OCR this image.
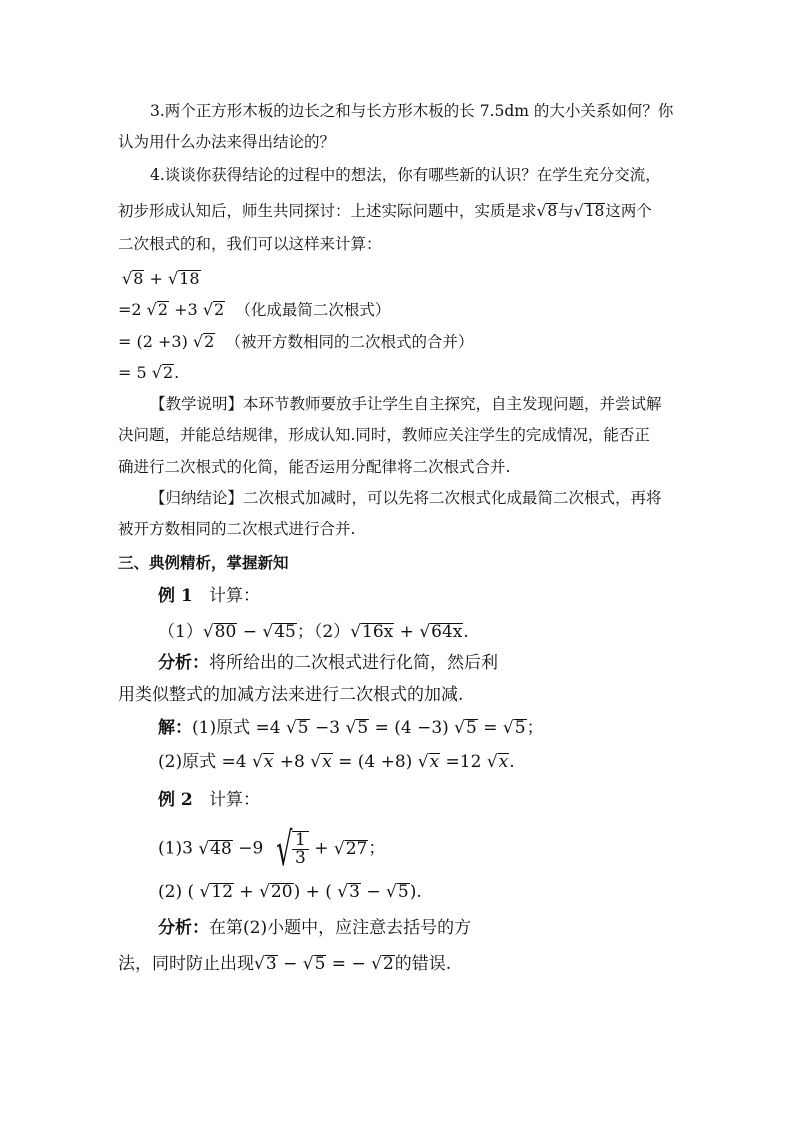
3.两个正方形木板的边长之和与长方形木板的长 7.5dm 的大小关系如何？你
认为用什么办法来得出结论的？
4.谈谈你获得结论的过程中的想法，你有哪些新的认识？在学生充分交流，
初步形成认知后，师生共同探讨：上述实际问题中，实质是求√8与√18这两个
二次根式的和，我们可以这样来计算：
√8 + √18
=2 √2 +3 √2 （化成最简二次根式）
= (2 +3) √2 （被开方数相同的二次根式的合并）
= 5 √2.
【教学说明】本环节教师要放手让学生自主探究，自主发现问题，并尝试解
决问题，并能总结规律，形成认知.同时，教师应关注学生的完成情况，能否正
确进行二次根式的化简，能否运用分配律将二次根式合并.
【归纳结论】二次根式加减时，可以先将二次根式化成最简二次根式，再将
被开方数相同的二次根式进行合并.
三、典例精析，掌握新知
例 1 计算：
（1）√80 − √45；（2）√16x + √64x.
分析：将所给出的二次根式进行化简，然后利
用类似整式的加减方法来进行二次根式的加减.
解：(1)原式 =4 √5 −3 √5 = (4 −3) √5 = √5；
(2)原式 =4 √x +8 √x = (4 +8) √x =12 √x.
例 2 计算：
(1)3 √48 −9 √ $\frac{1}{3} + √27$；
(2) ( √12 + √20) + ( √3 − √5).
分析：在第(2)小题中，应注意去括号的方
法，同时防止出现√3 − √5 = − √2的错误.
